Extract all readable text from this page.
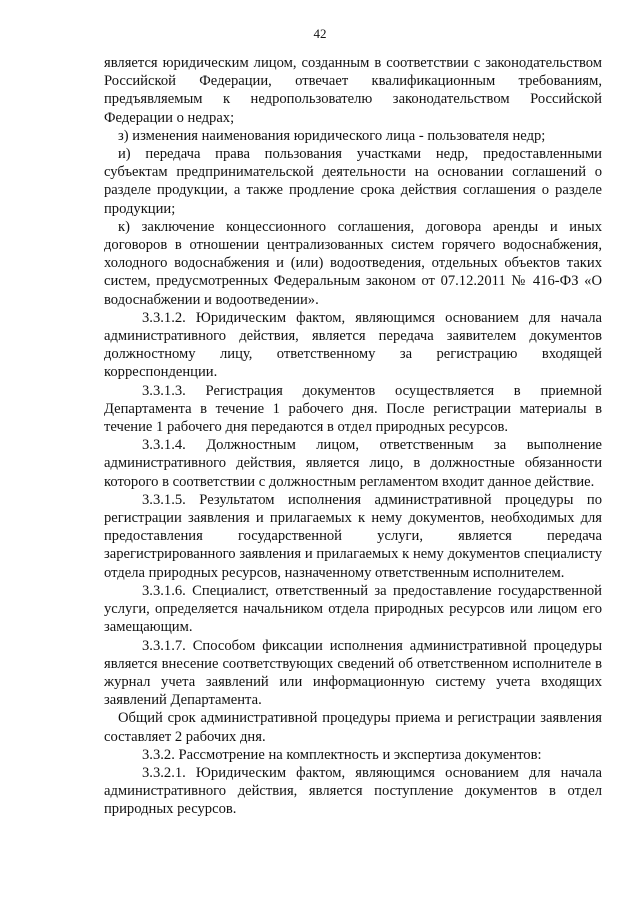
42

является юридическим лицом, созданным в соответствии с законодательством Российской Федерации, отвечает квалификационным требованиям, предъявляемым к недропользователю законодательством Российской Федерации о недрах;

з) изменения наименования юридического лица - пользователя недр;

и) передача права пользования участками недр, предоставленными субъектам предпринимательской деятельности на основании соглашений о разделе продукции, а также продление срока действия соглашения о разделе продукции;

к) заключение концессионного соглашения, договора аренды и иных договоров в отношении централизованных систем горячего водоснабжения, холодного водоснабжения и (или) водоотведения, отдельных объектов таких систем, предусмотренных Федеральным законом от 07.12.2011 № 416-ФЗ «О водоснабжении и водоотведении».

3.3.1.2. Юридическим фактом, являющимся основанием для начала административного действия, является передача заявителем документов должностному лицу, ответственному за регистрацию входящей корреспонденции.

3.3.1.3. Регистрация документов осуществляется в приемной Департамента в течение 1 рабочего дня. После регистрации материалы в течение 1 рабочего дня передаются в отдел природных ресурсов.

3.3.1.4. Должностным лицом, ответственным за выполнение административного действия, является лицо, в должностные обязанности которого в соответствии с должностным регламентом входит данное действие.

3.3.1.5. Результатом исполнения административной процедуры по регистрации заявления и прилагаемых к нему документов, необходимых для предоставления государственной услуги, является передача зарегистрированного заявления и прилагаемых к нему документов специалисту отдела природных ресурсов, назначенному ответственным исполнителем.

3.3.1.6. Специалист, ответственный за предоставление государственной услуги, определяется начальником отдела природных ресурсов или лицом его замещающим.

3.3.1.7. Способом фиксации исполнения административной процедуры является внесение соответствующих сведений об ответственном исполнителе в журнал учета заявлений или информационную систему учета входящих заявлений Департамента.

Общий срок административной процедуры приема и регистрации заявления составляет 2 рабочих дня.

3.3.2. Рассмотрение на комплектность и экспертиза документов:

3.3.2.1. Юридическим фактом, являющимся основанием для начала административного действия, является поступление документов в отдел природных ресурсов.
